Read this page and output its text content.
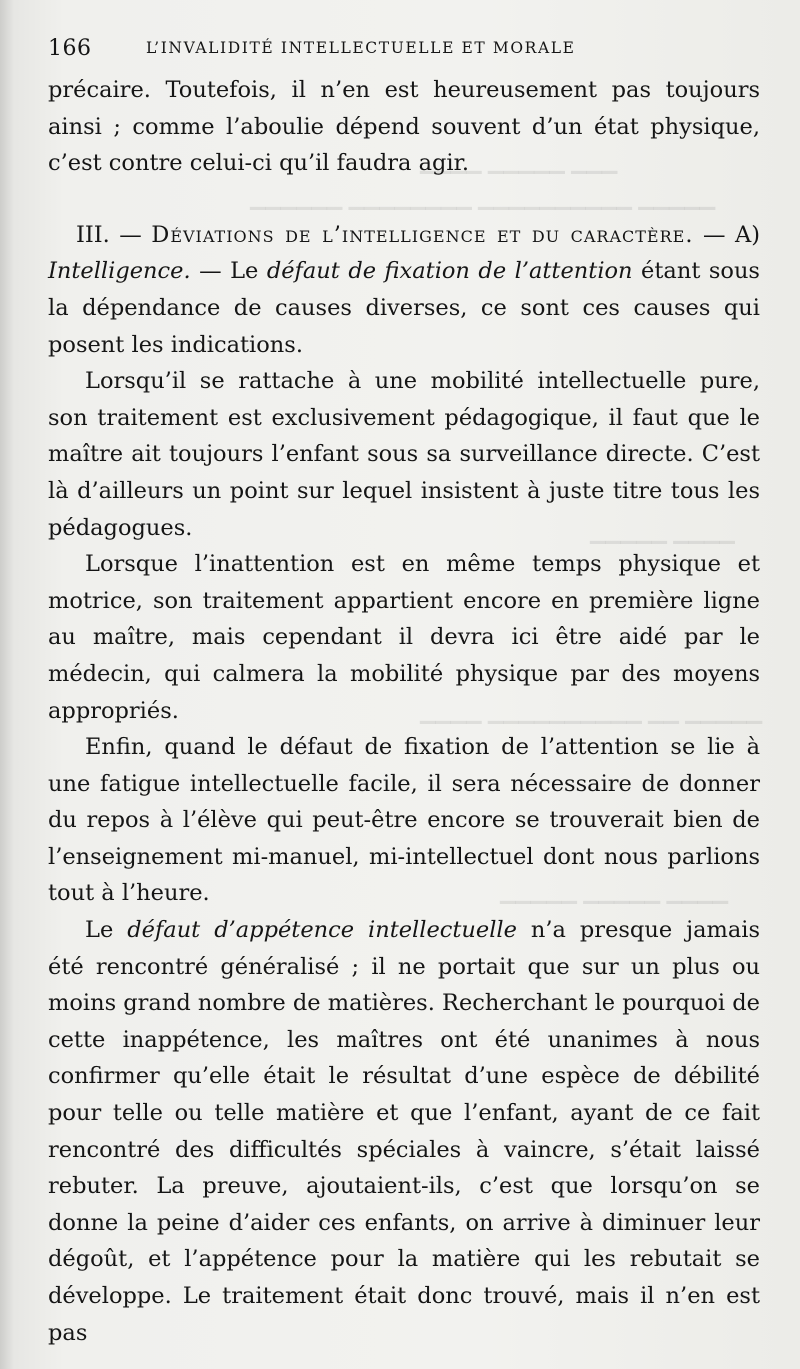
▁▁▁ ▁▁▁▁▁ ▁▁▁▁
▁▁▁▁▁ ▁▁▁▁▁▁▁▁▁▁ ▁▁▁▁▁▁▁▁ ▁▁▁▁▁▁
▁▁▁▁ ▁▁▁▁▁
▁▁▁▁▁ ▁▁ ▁▁▁▁▁▁▁▁▁▁ ▁▁▁▁
▁▁▁▁ ▁▁▁▁▁ ▁▁▁▁▁
166	L’INVALIDITÉ INTELLECTUELLE ET MORALE

précaire. Toutefois, il n’en est heureusement pas toujours ainsi ; comme l’aboulie dépend souvent d’un état physique, c’est contre celui-ci qu’il faudra agir.

III. — Déviations de l’intelligence et du caractère. — A) Intelligence. — Le défaut de fixation de l’attention étant sous la dépendance de causes diverses, ce sont ces causes qui posent les indications.

Lorsqu’il se rattache à une mobilité intellectuelle pure, son traitement est exclusivement pédagogique, il faut que le maître ait toujours l’enfant sous sa surveillance directe. C’est là d’ailleurs un point sur lequel insistent à juste titre tous les pédagogues.

Lorsque l’inattention est en même temps physique et motrice, son traitement appartient encore en première ligne au maître, mais cependant il devra ici être aidé par le médecin, qui calmera la mobilité physique par des moyens appropriés.

Enfin, quand le défaut de fixation de l’attention se lie à une fatigue intellectuelle facile, il sera nécessaire de donner du repos à l’élève qui peut-être encore se trouverait bien de l’enseignement mi-manuel, mi-intellectuel dont nous parlions tout à l’heure.

Le défaut d’appétence intellectuelle n’a presque jamais été rencontré généralisé ; il ne portait que sur un plus ou moins grand nombre de matières. Recherchant le pourquoi de cette inappétence, les maîtres ont été unanimes à nous confirmer qu’elle était le résultat d’une espèce de débilité pour telle ou telle matière et que l’enfant, ayant de ce fait rencontré des difficultés spéciales à vaincre, s’était laissé rebuter. La preuve, ajoutaient-ils, c’est que lorsqu’on se donne la peine d’aider ces enfants, on arrive à diminuer leur dégoût, et l’appétence pour la matière qui les rebutait se développe. Le traitement était donc trouvé, mais il n’en est pas
